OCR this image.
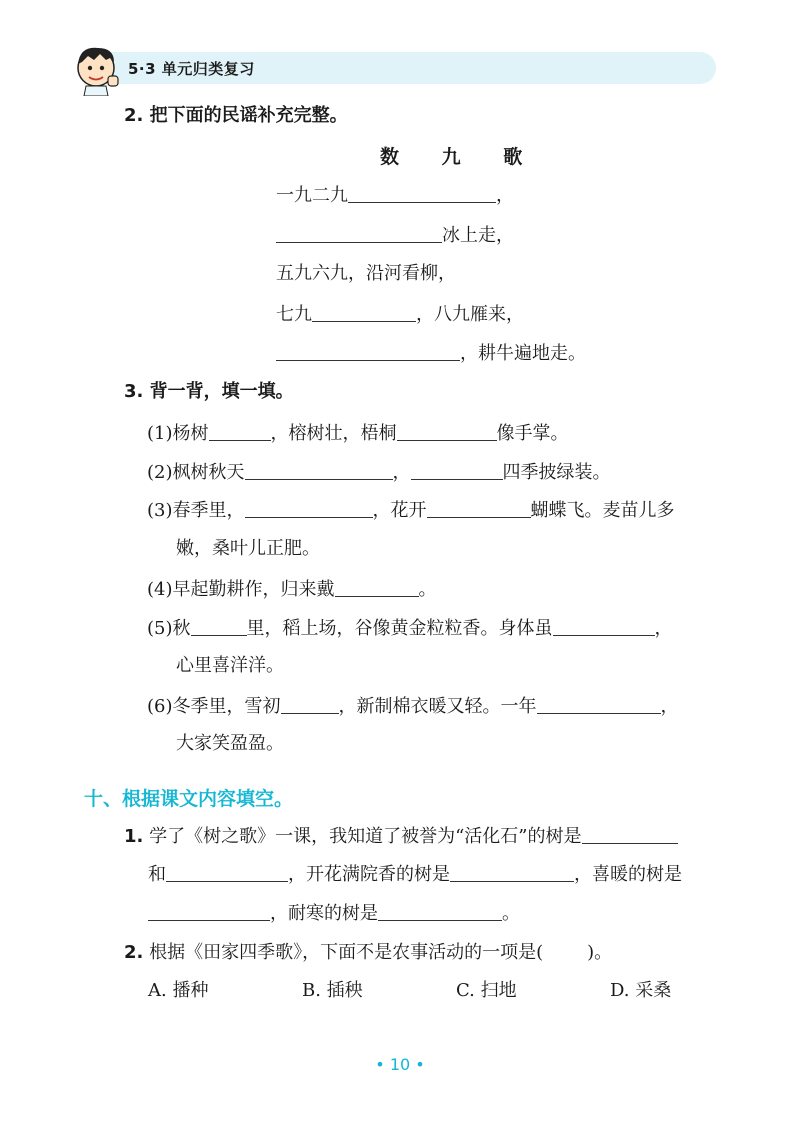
5·3 单元归类复习
2. 把下面的民谣补充完整。
数 九 歌
一九二九	，
冰上走，
五九六九，沿河看柳，
七九	，八九雁来，
，耕牛遍地走。
3. 背一背，填一填。
(1)杨树	，榕树壮，梧桐	像手掌。
(2)枫树秋天	，	四季披绿装。
(3)春季里，	，花开	蝴蝶飞。麦苗儿多
嫩，桑叶儿正肥。
(4)早起勤耕作，归来戴	。
(5)秋	里，稻上场，谷像黄金粒粒香。身体虽	，
心里喜洋洋。
(6)冬季里，雪初	，新制棉衣暖又轻。一年	，
大家笑盈盈。
十、根据课文内容填空。
1. 学了《树之歌》一课，我知道了被誉为“活化石”的树是
和	，开花满院香的树是	，喜暖的树是
，耐寒的树是	。
2. 根据《田家四季歌》，下面不是农事活动的一项是( )。
A. 播种	B. 插秧	C. 扫地	D. 采桑
• 10 •
